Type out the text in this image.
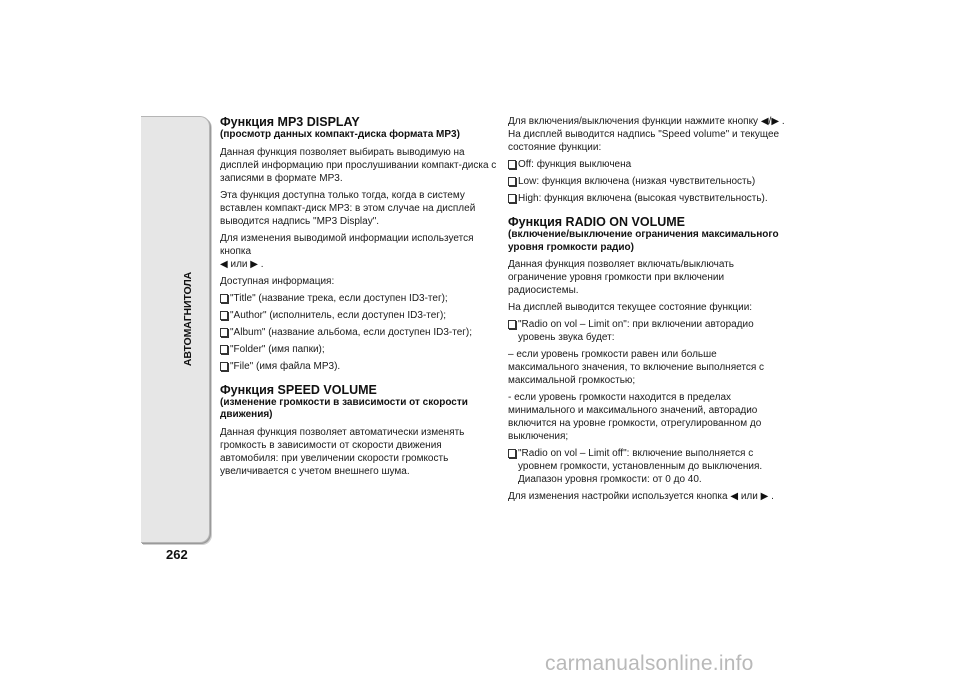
АВТОМАГНИТОЛА
262

Функция MP3 DISPLAY

(просмотр данных компакт-диска формата MP3)

Данная функция позволяет выбирать выводимую на дисплей информацию при прослушивании компакт-диска с записями в формате MP3.

Эта функция доступна только тогда, когда в систему вставлен компакт-диск MP3: в этом случае на дисплей выводится надпись "MP3 Display".

Для изменения выводимой информации используется кнопка
◀ или ▶ .

Доступная информация:

"Title" (название трека, если доступен ID3-тег);

"Author" (исполнитель, если доступен ID3-тег);

"Album" (название альбома, если доступен ID3-тег);

"Folder" (имя папки);

"File" (имя файла MP3).

Функция SPEED VOLUME

(изменение громкости в зависимости от скорости движения)

Данная функция позволяет автоматически изменять громкость в зависимости от скорости движения автомобиля: при увеличении скорости громкость увеличивается с учетом внешнего шума.

Для включения/выключения функции нажмите кнопку ◀/▶ .

На дисплей выводится надпись "Speed volume" и текущее состояние функции:

Off: функция выключена

Low: функция включена (низкая чувствительность)

High: функция включена (высокая чувствительность).

Функция RADIO ON VOLUME

(включение/выключение ограничения максимального уровня громкости радио)

Данная функция позволяет включать/выключать ограничение уровня громкости при включении радиосистемы.

На дисплей выводится текущее состояние функции:

"Radio on vol – Limit on": при включении авторадио уровень звука будет:

– если уровень громкости равен или больше максимального значения, то включение выполняется с максимальной громкостью;

- если уровень громкости находится в пределах минимального и максимального значений, авторадио включится на уровне громкости, отрегулированном до выключения;

"Radio on vol – Limit off": включение выполняется с уровнем громкости, установленным до выключения. Диапазон уровня громкости: от 0 до 40.

Для изменения настройки используется кнопка ◀ или ▶ .

carmanualsonline.info
